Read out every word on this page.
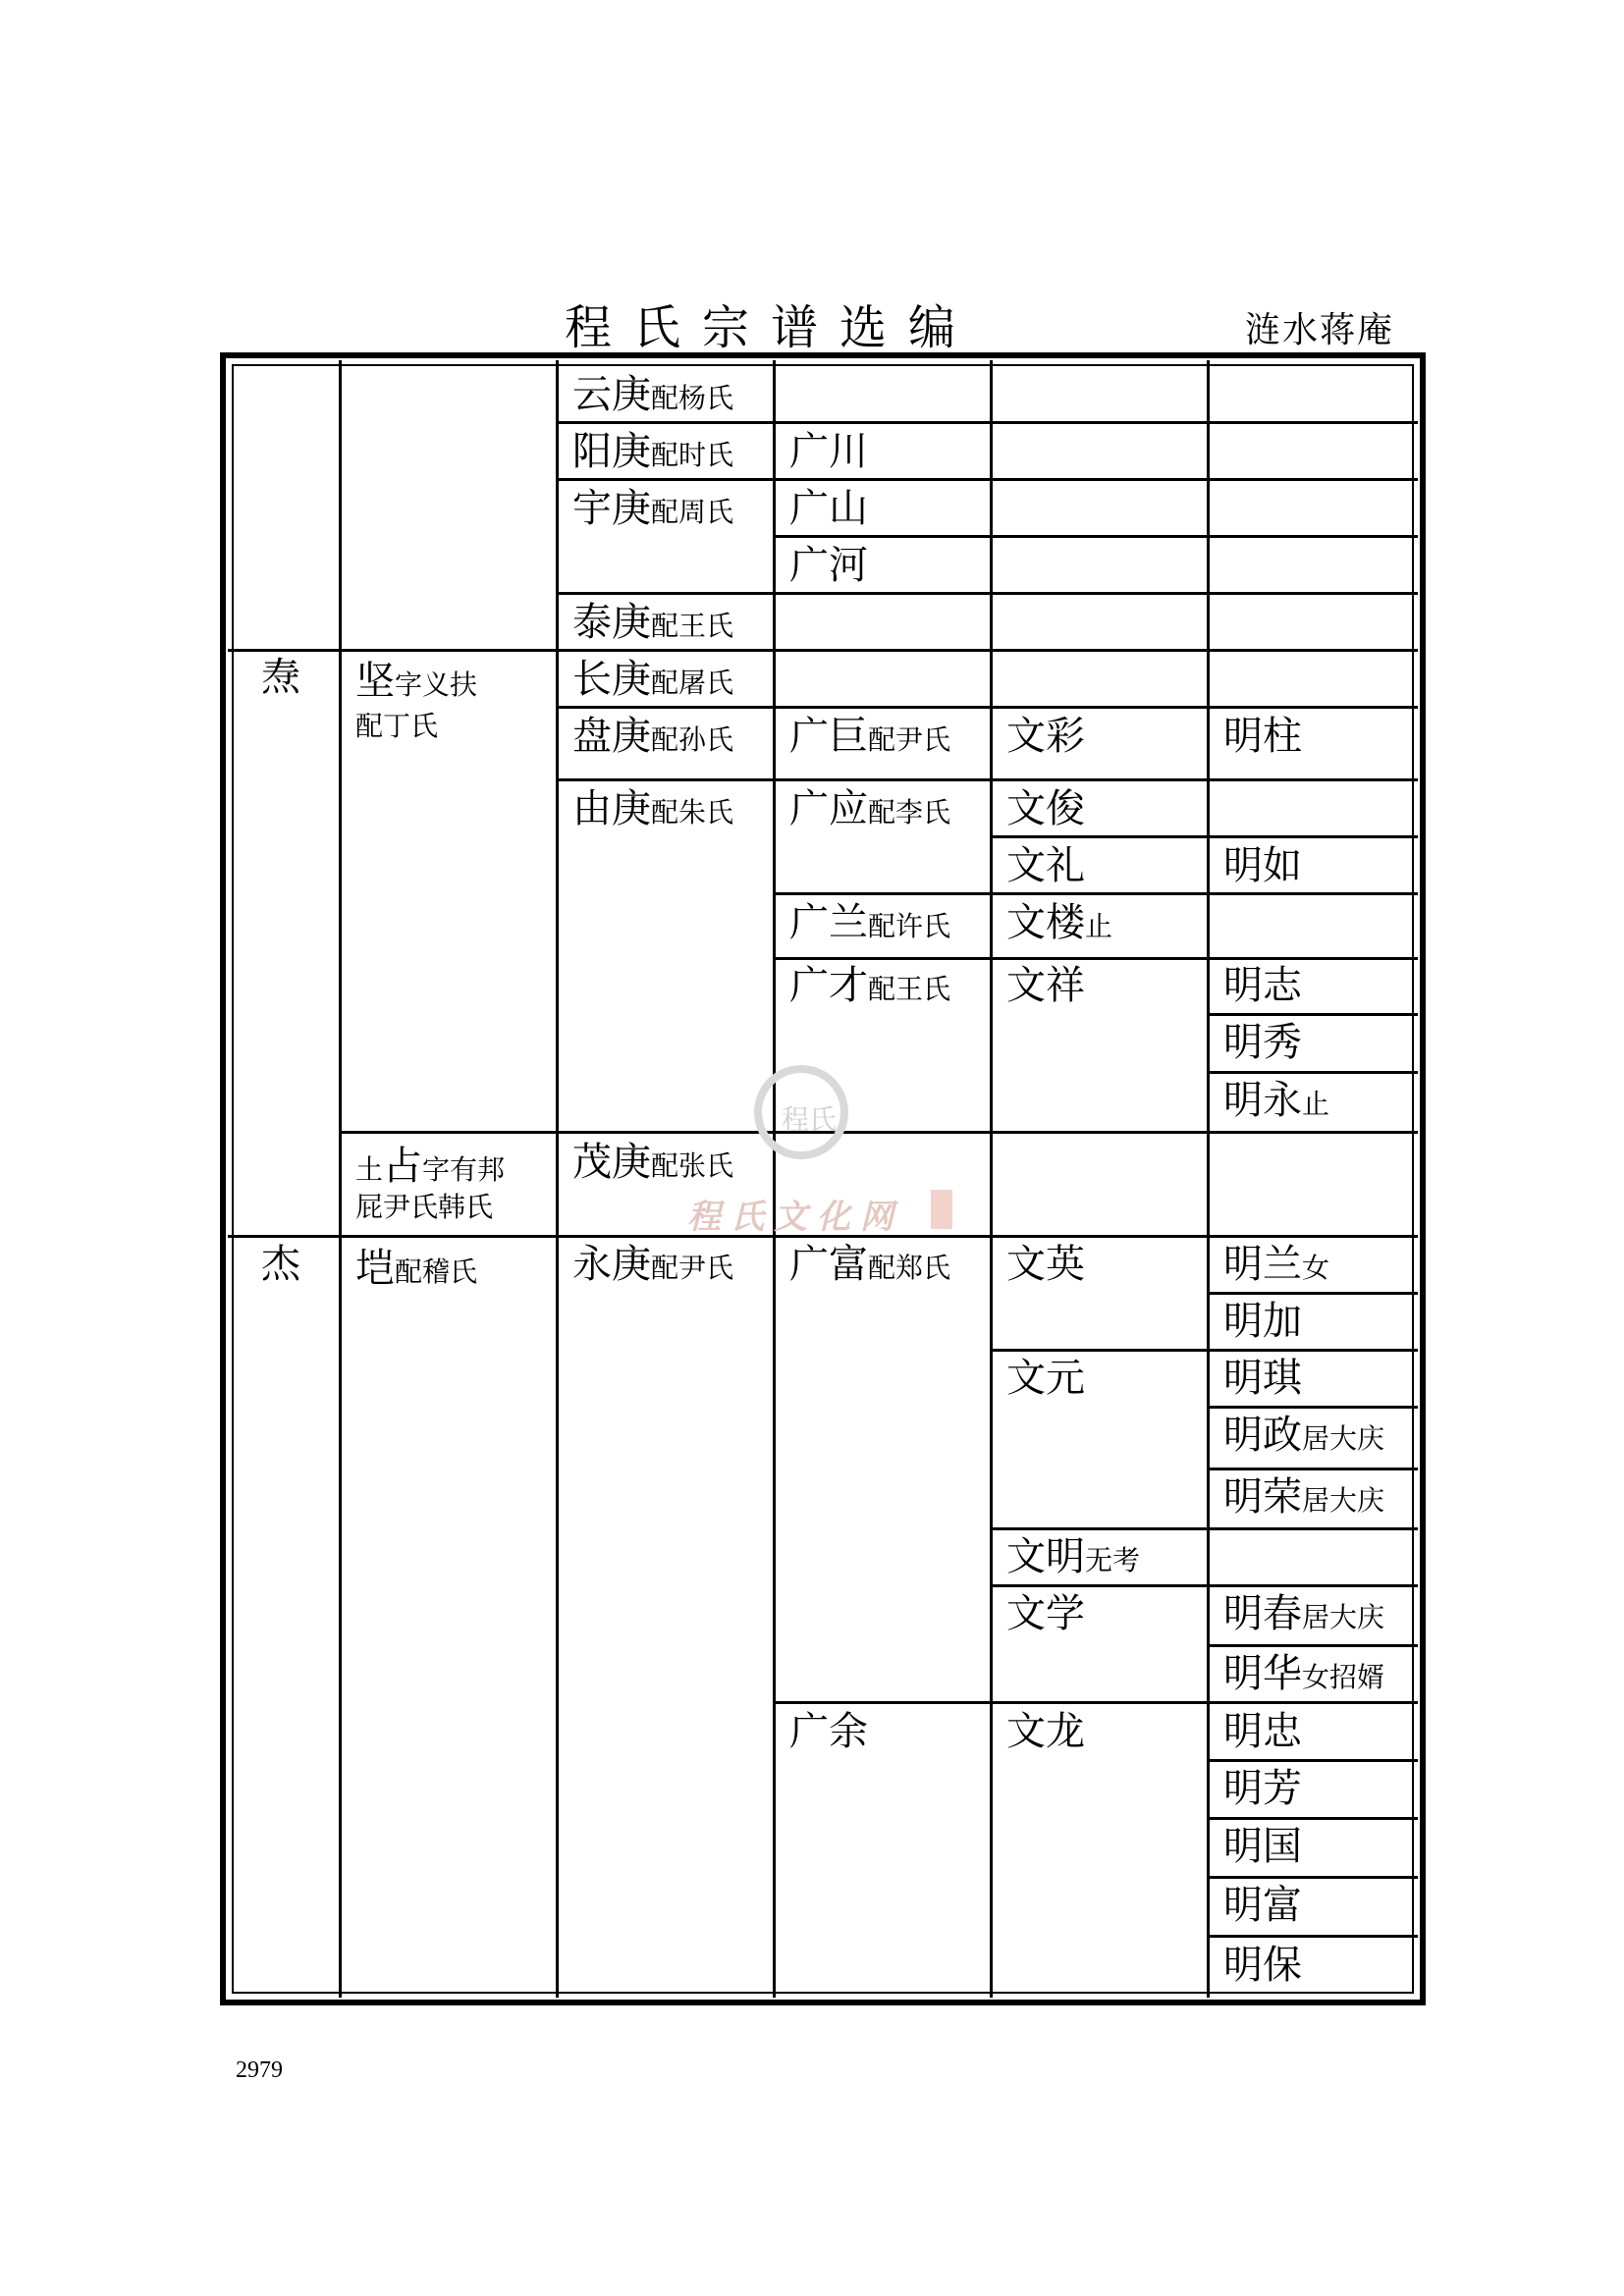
程氏宗谱选编	涟水蒋庵
焘
杰
坚字义扶
配丁氏
土占字有邦
屁尹氏韩氏
垲配稽氏
云庚配杨氏
阳庚配时氏
宇庚配周氏
泰庚配王氏
长庚配屠氏
盘庚配孙氏
由庚配朱氏
茂庚配张氏
永庚配尹氏
广川
广山
广河
广巨配尹氏
广应配李氏
广兰配许氏
广才配王氏
广富配郑氏
广余
文彩
文俊
文礼
文楼止
文祥
文英
文元
文明无考
文学
文龙
明柱
明如
明志
明秀
明永止
明兰女
明加
明琪
明政居大庆
明荣居大庆
明春居大庆
明华女招婿
明忠
明芳
明国
明富
明保
程氏
程氏文化网
2979
